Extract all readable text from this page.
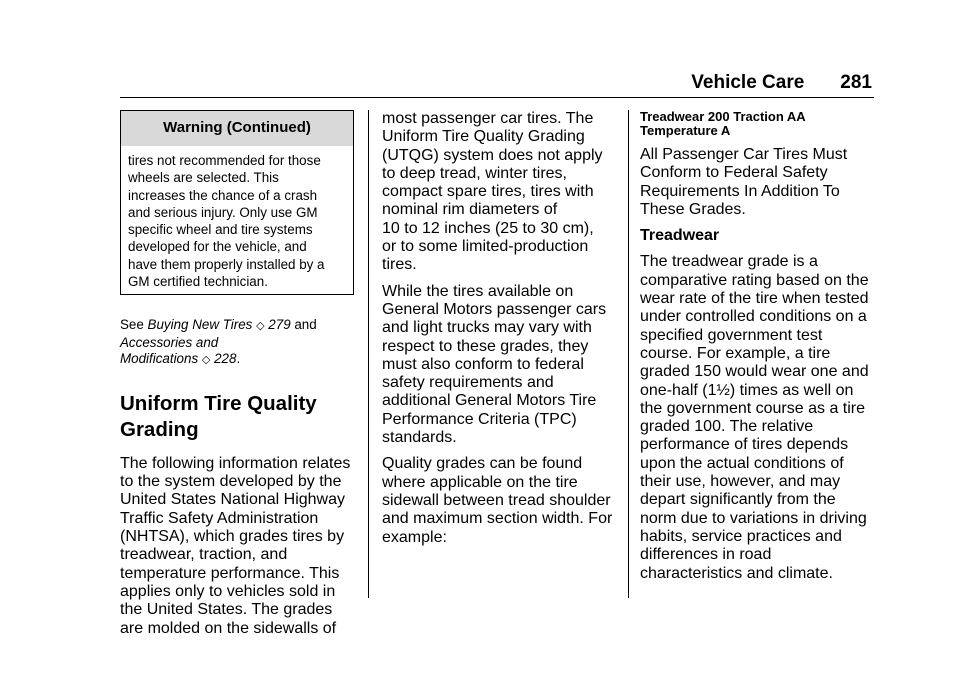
Vehicle Care 281
Warning (Continued)
tires not recommended for those
wheels are selected. This
increases the chance of a crash
and serious injury. Only use GM
specific wheel and tire systems
developed for the vehicle, and
have them properly installed by a
GM certified technician.
See Buying New Tires ◇ 279 and
Accessories and
Modifications ◇ 228.
Uniform Tire Quality
Grading
The following information relates
to the system developed by the
United States National Highway
Traffic Safety Administration
(NHTSA), which grades tires by
treadwear, traction, and
temperature performance. This
applies only to vehicles sold in
the United States. The grades
are molded on the sidewalls of
most passenger car tires. The
Uniform Tire Quality Grading
(UTQG) system does not apply
to deep tread, winter tires,
compact spare tires, tires with
nominal rim diameters of
10 to 12 inches (25 to 30 cm),
or to some limited-production
tires.
While the tires available on
General Motors passenger cars
and light trucks may vary with
respect to these grades, they
must also conform to federal
safety requirements and
additional General Motors Tire
Performance Criteria (TPC)
standards.
Quality grades can be found
where applicable on the tire
sidewall between tread shoulder
and maximum section width. For
example:
Treadwear 200 Traction AA
Temperature A
All Passenger Car Tires Must
Conform to Federal Safety
Requirements In Addition To
These Grades.
Treadwear
The treadwear grade is a
comparative rating based on the
wear rate of the tire when tested
under controlled conditions on a
specified government test
course. For example, a tire
graded 150 would wear one and
one-half (1½) times as well on
the government course as a tire
graded 100. The relative
performance of tires depends
upon the actual conditions of
their use, however, and may
depart significantly from the
norm due to variations in driving
habits, service practices and
differences in road
characteristics and climate.
